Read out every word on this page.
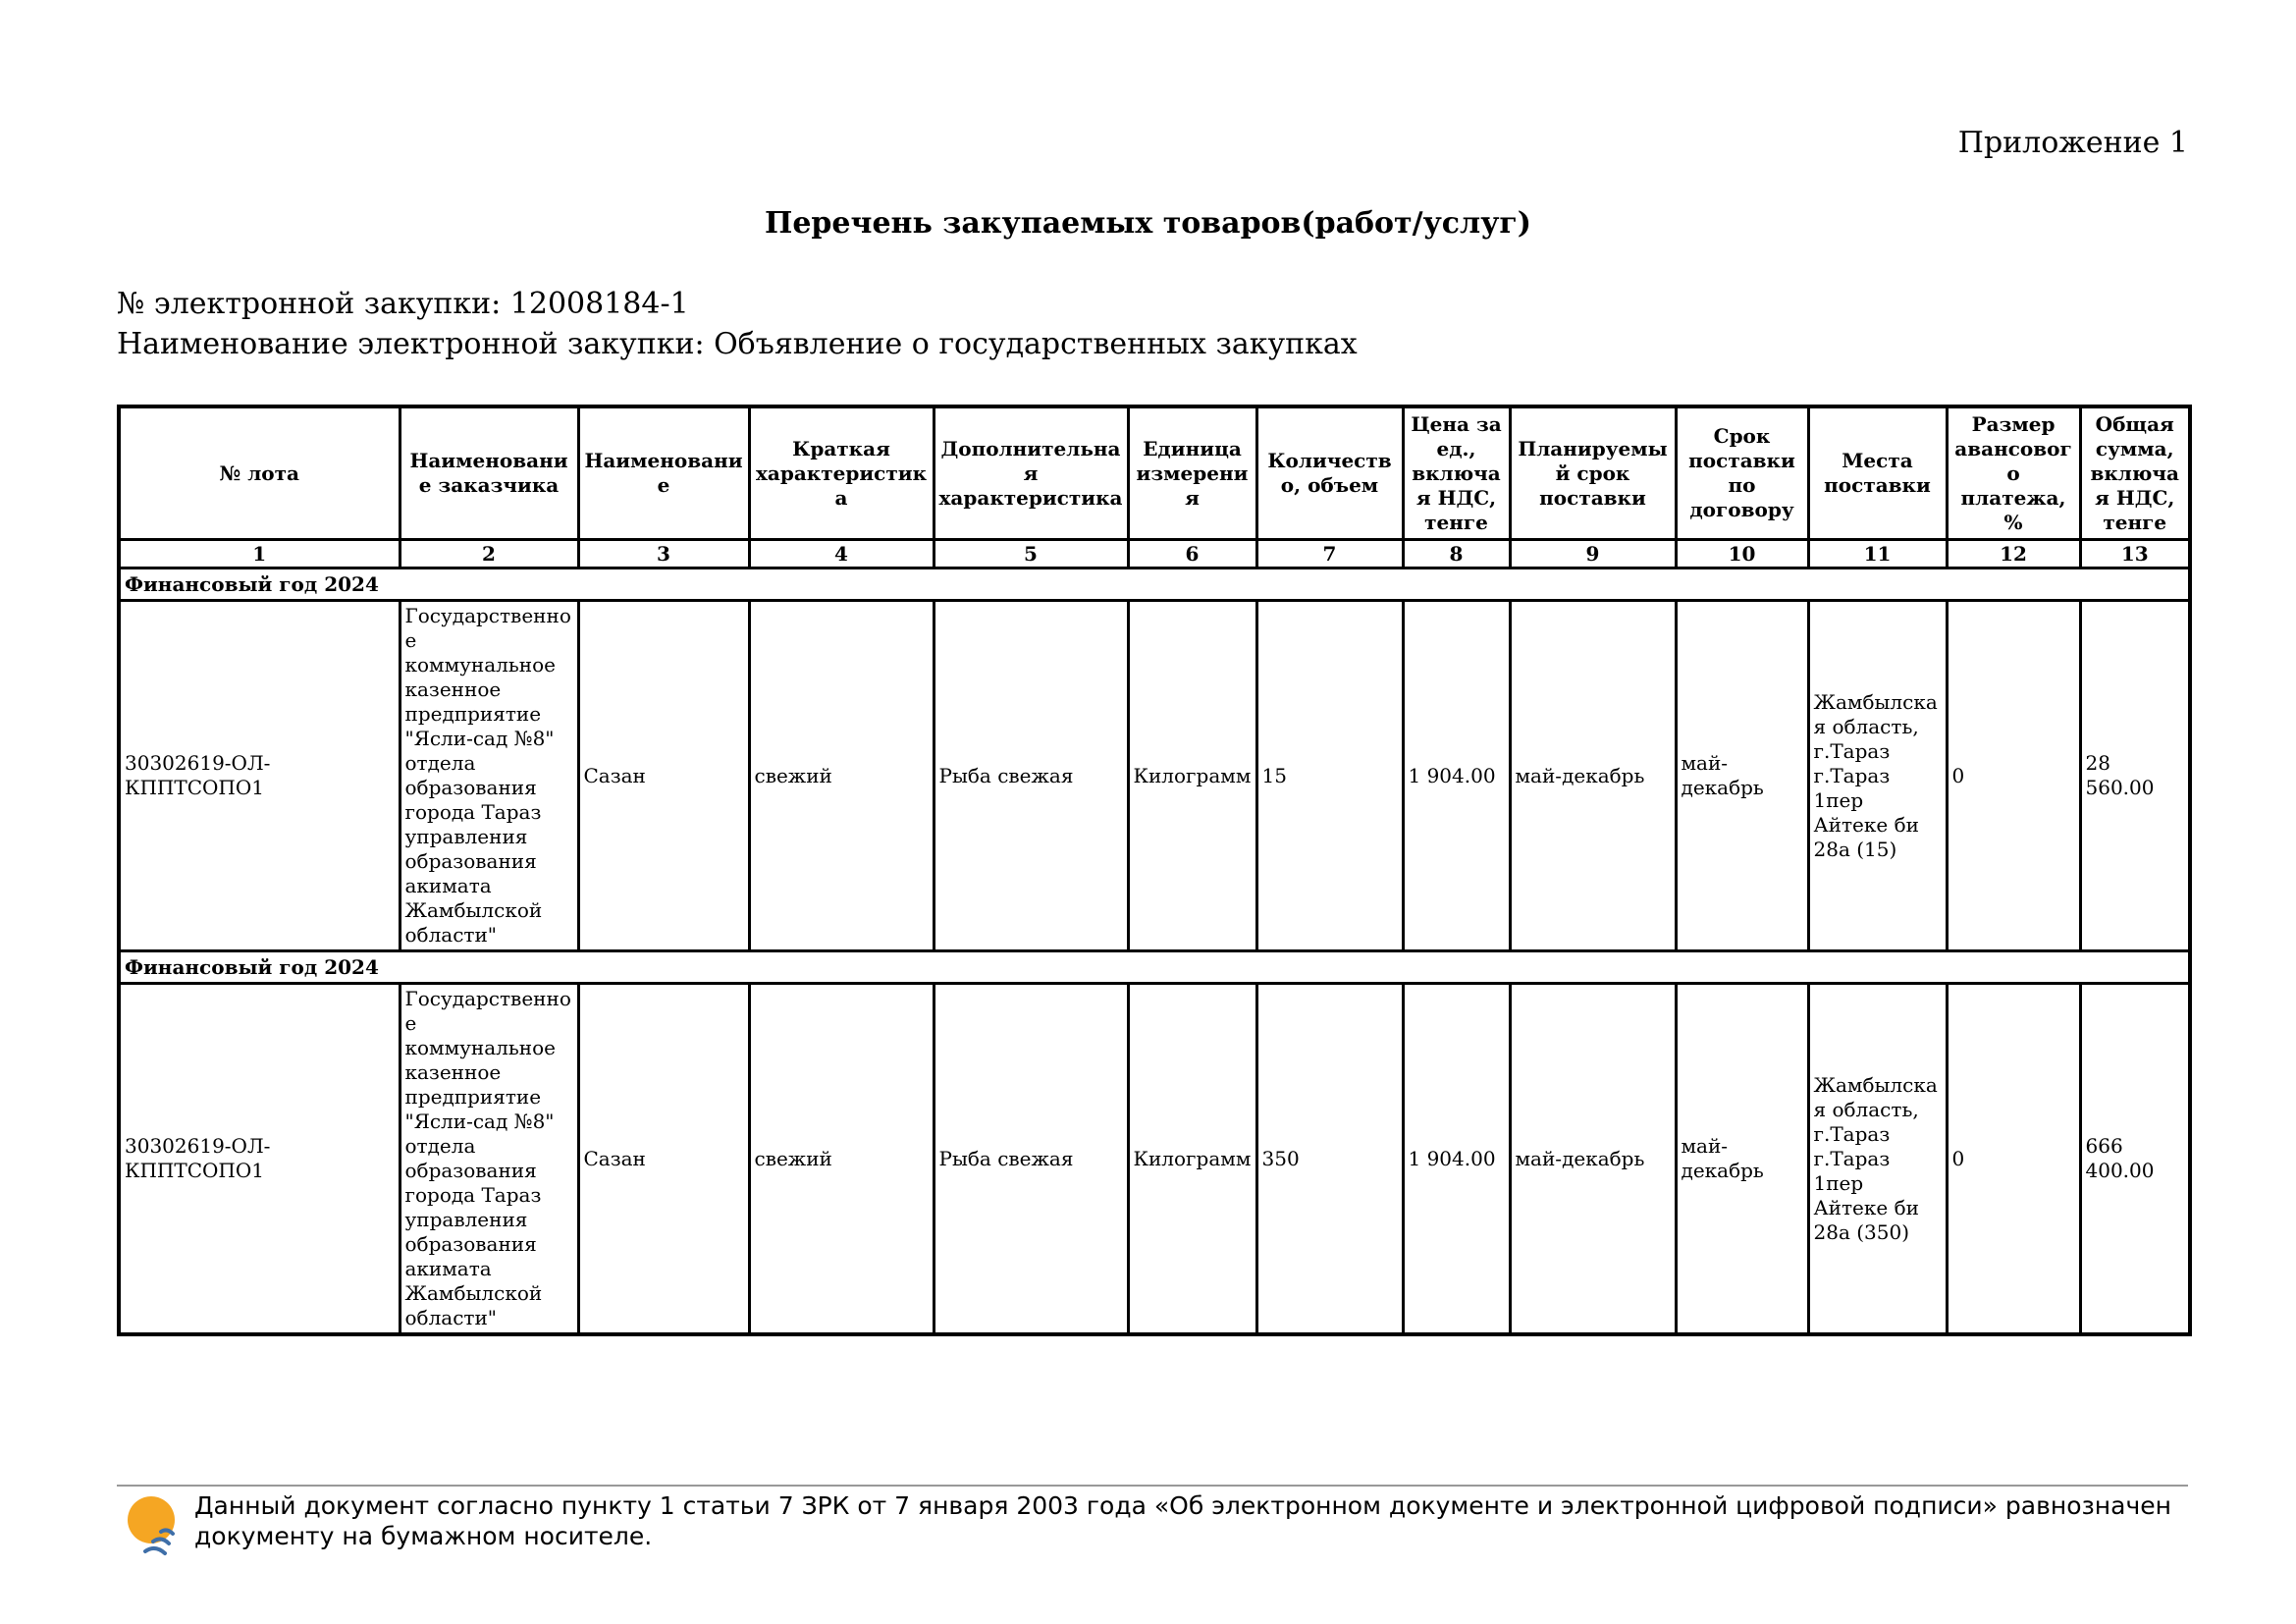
Приложение 1
Перечень закупаемых товаров(работ/услуг)
№ электронной закупки: 12008184-1
Наименование электронной закупки: Объявление о государственных закупках
№ лота	Наименование заказчика	Наименование	Краткая характеристика	Дополнительная характеристика	Единица измерения	Количество, объем	Цена за ед., включая НДС, тенге	Планируемый срок поставки	Срок поставки по договору	Места поставки	Размер авансового платежа, %	Общая сумма, включая НДС, тенге
1	2	3	4	5	6	7	8	9	10	11	12	13
Финансовый год 2024												
30302619-ОЛ-КППТСОПО1	Государственное коммунальное казенное предприятие "Ясли-сад №8" отдела образования города Тараз управления образования акимата Жамбылской области"	Сазан	свежий	Рыба свежая	Килограмм	15	1 904.00	май-декабрь	май-декабрь	Жамбылская область, г.Тараз г.Тараз 1пер Айтеке би 28а (15)	0	28 560.00
Финансовый год 2024												
30302619-ОЛ-КППТСОПО1	Государственное коммунальное казенное предприятие "Ясли-сад №8" отдела образования города Тараз управления образования акимата Жамбылской области"	Сазан	свежий	Рыба свежая	Килограмм	350	1 904.00	май-декабрь	май-декабрь	Жамбылская область, г.Тараз г.Тараз 1пер Айтеке би 28а (350)	0	666 400.00
Данный документ согласно пункту 1 статьи 7 ЗРК от 7 января 2003 года «Об электронном документе и электронной цифровой подписи» равнозначен документу на бумажном носителе.
